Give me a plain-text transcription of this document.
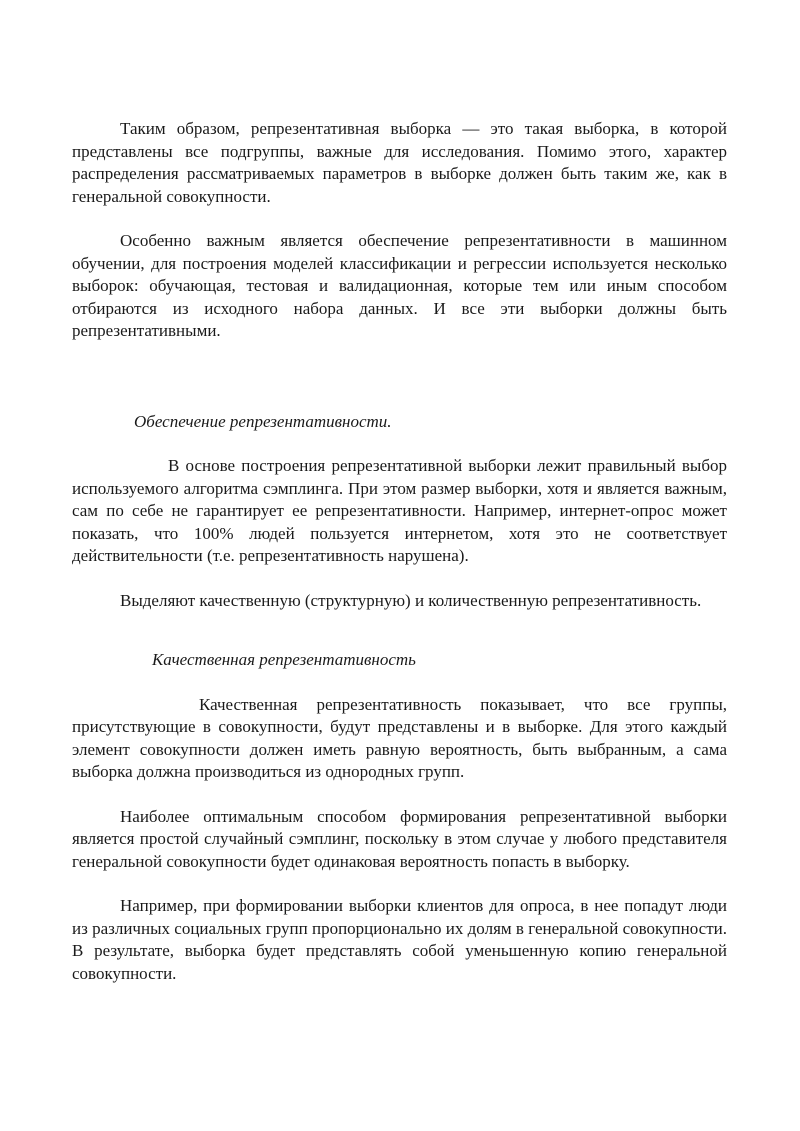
Таким образом, репрезентативная выборка — это такая выборка, в которой представлены все подгруппы, важные для исследования. Помимо этого, характер распределения рассматриваемых параметров в выборке должен быть таким же, как в генеральной совокупности.

Особенно важным является обеспечение репрезентативности в машинном обучении, для построения моделей классификации и регрессии используется несколько выборок: обучающая, тестовая и валидационная, которые тем или иным способом отбираются из исходного набора данных. И все эти выборки должны быть репрезентативными.

Обеспечение репрезентативности.

В основе построения репрезентативной выборки лежит правильный выбор используемого алгоритма сэмплинга. При этом размер выборки, хотя и является важным, сам по себе не гарантирует ее репрезентативности. Например, интернет-опрос может показать, что 100% людей пользуется интернетом, хотя это не соответствует действительности (т.е. репрезентативность нарушена).

Выделяют качественную (структурную) и количественную репрезентативность.

Качественная репрезентативность

Качественная репрезентативность показывает, что все группы, присутствующие в совокупности, будут представлены и в выборке. Для этого каждый элемент совокупности должен иметь равную вероятность, быть выбранным, а сама выборка должна производиться из однородных групп.

Наиболее оптимальным способом формирования репрезентативной выборки является простой случайный сэмплинг, поскольку в этом случае у любого представителя генеральной совокупности будет одинаковая вероятность попасть в выборку.

Например, при формировании выборки клиентов для опроса, в нее попадут люди из различных социальных групп пропорционально их долям в генеральной совокупности. В результате, выборка будет представлять собой уменьшенную копию генеральной совокупности.
